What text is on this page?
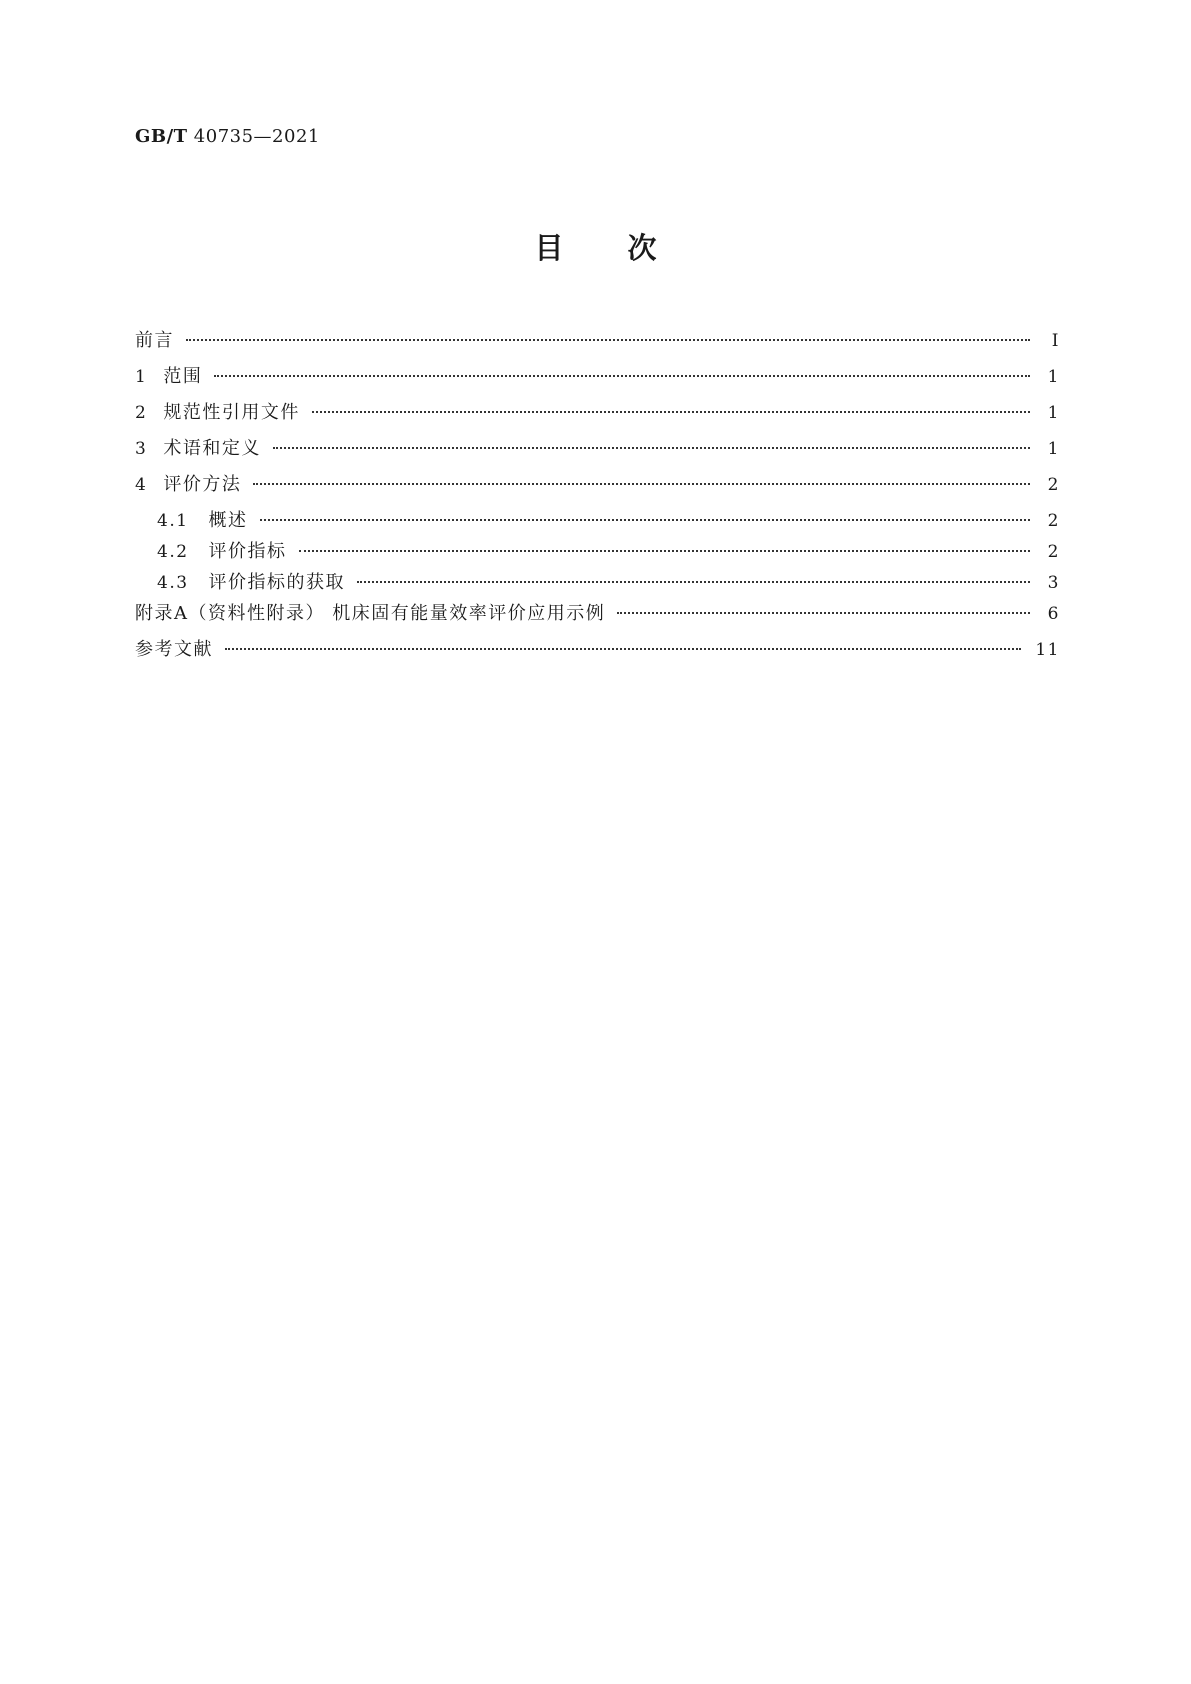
GB/T 40735—2021
目次
前言	Ⅰ
1 范围	1
2 规范性引用文件	1
3 术语和定义	1
4 评价方法	2
4.1 概述	2
4.2 评价指标	2
4.3 评价指标的获取	3
附录A（资料性附录） 机床固有能量效率评价应用示例	6
参考文献	11
